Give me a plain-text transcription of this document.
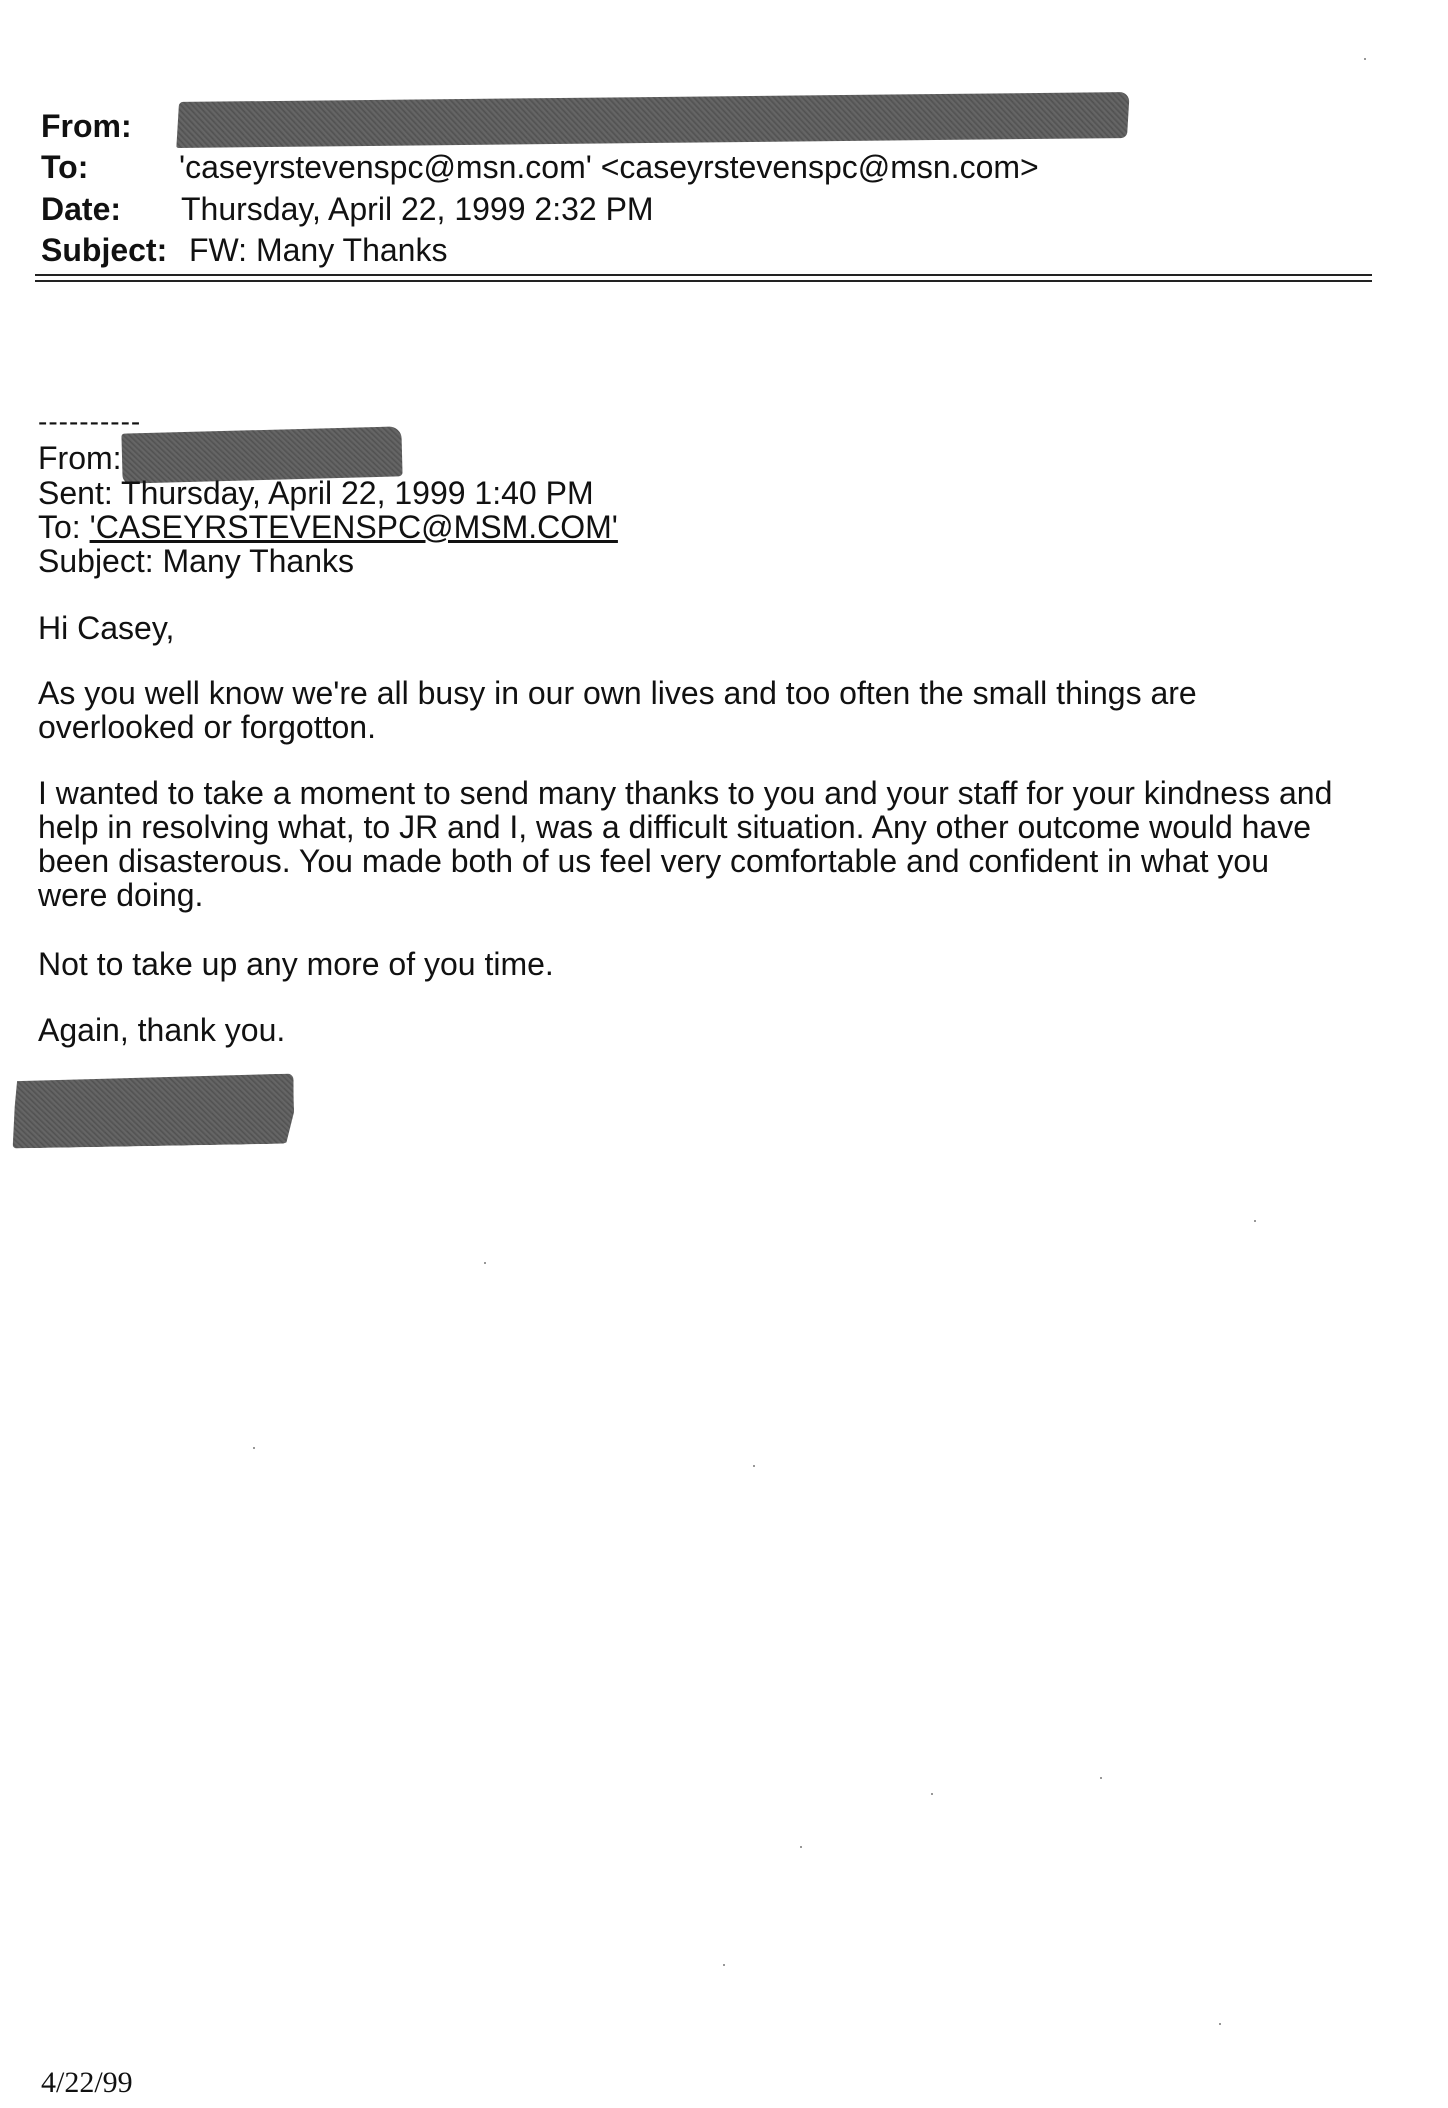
From:
To:	'caseyrstevenspc@msn.com' <caseyrstevenspc@msn.com>
Date: Thursday, April 22, 1999 2:32 PM
Subject: FW: Many Thanks
----------
From:
Sent: Thursday, April 22, 1999 1:40 PM
To: 'CASEYRSTEVENSPC@MSM.COM'
Subject: Many Thanks

Hi Casey,

As you well know we're all busy in our own lives and too often the small things are
overlooked or forgotton.

I wanted to take a moment to send many thanks to you and your staff for your kindness and
help in resolving what, to JR and I, was a difficult situation. Any other outcome would have
been disasterous. You made both of us feel very comfortable and confident in what you
were doing.

Not to take up any more of you time.

Again, thank you.

4/22/99
